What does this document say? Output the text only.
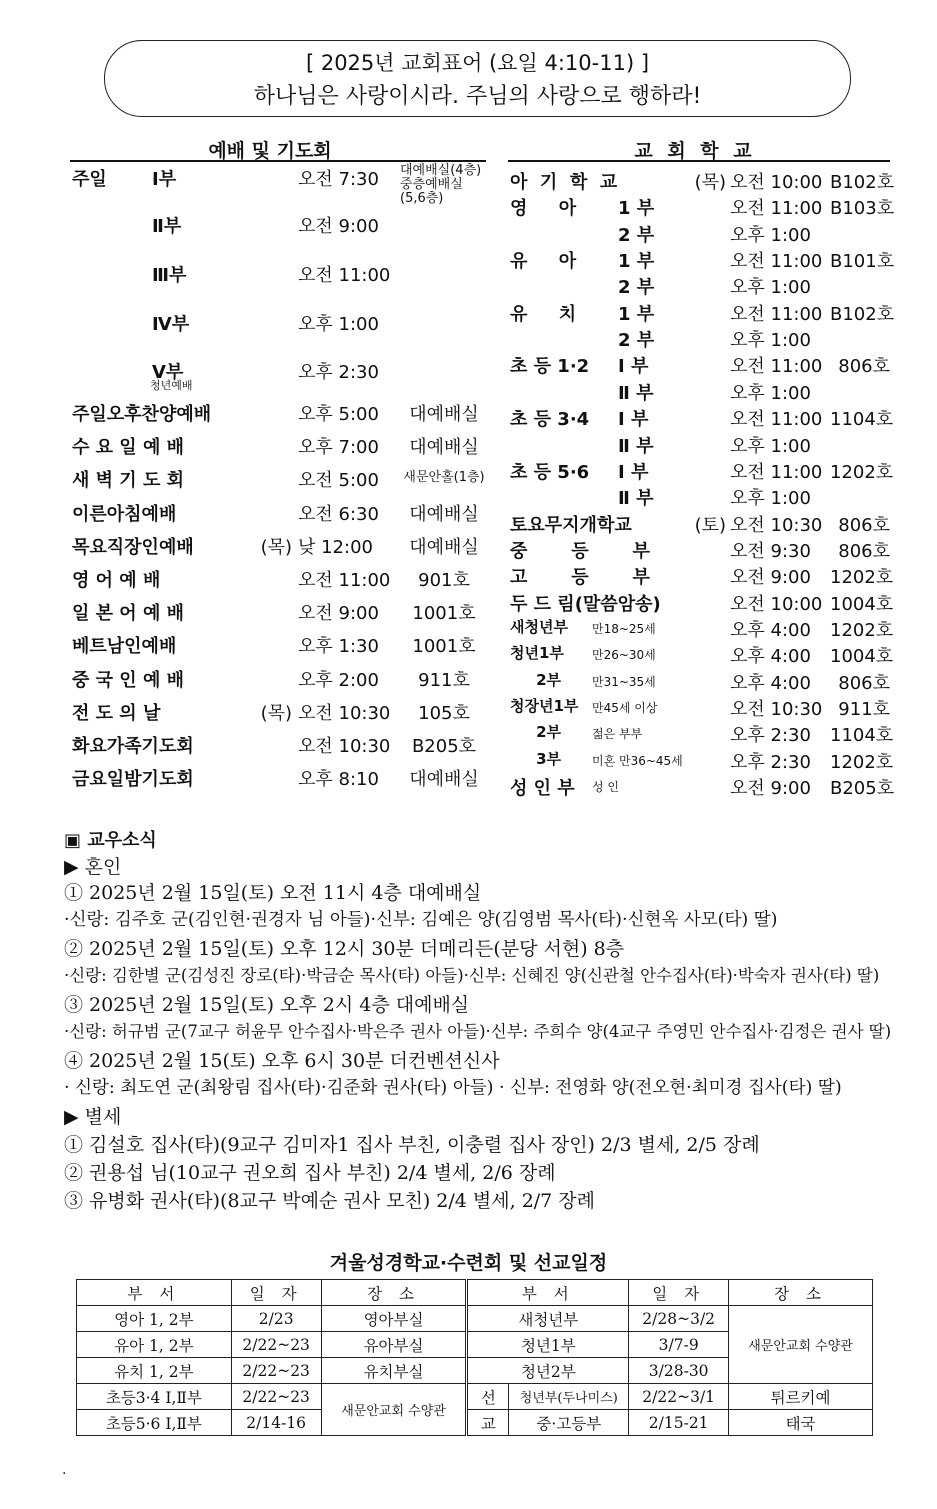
[ 2025년 교회표어 (요일 4:10-11) ]
하나님은 사랑이시라. 주님의 사랑으로 행하라!
예배 및 기도회
주일	Ⅰ부	오전 7:30
Ⅱ부	오전 9:00
Ⅲ부	오전 11:00
Ⅳ부	오후 1:00
Ⅴ부	오후 2:30
청년예배
대예배실(4층)
중층예배실
(5,6층)
주일오후찬양예배	오후 5:00	대예배실
수 요 일 예 배	오후 7:00	대예배실
새 벽 기 도 회	오전 5:00	새문안홀(1층)
이른아침예배	오전 6:30	대예배실
목요직장인예배	(목) 낮 12:00	대예배실
영 어 예 배	오전 11:00	901호
일 본 어 예 배	오전 9:00	1001호
베트남인예배	오후 1:30	1001호
중 국 인 예 배	오후 2:00	911호
전 도 의 날	(목) 오전 10:30	105호
화요가족기도회	오전 10:30	B205호
금요일밤기도회	오후 8:10	대예배실
교 회 학 교
아  기  학  교	(목) 오전 10:00 B102호
영     아 1 부	오전 11:00 B103호
2 부	오후 1:00
유     아 1 부	오전 11:00 B101호
2 부	오후 1:00
유     치 1 부	오전 11:00 B102호
2 부	오후 1:00
초 등 1·2 Ⅰ 부	오전 11:00 806호
Ⅱ 부	오후 1:00
초 등 3·4 Ⅰ 부	오전 11:00 1104호
Ⅱ 부	오후 1:00
초 등 5·6 Ⅰ 부	오전 11:00 1202호
Ⅱ 부	오후 1:00
토요무지개학교	(토) 오전 10:30 806호
중       등       부	오전 9:30	806호
고       등       부	오전 9:00	1202호
두 드 림(말씀암송)	오전 10:00 1004호
새청년부 만18~25세	오후 4:00	1202호
청년1부 만26~30세	오후 4:00	1004호
2부	만31~35세	오후 4:00	806호
청장년1부 만45세 이상	오전 10:30 911호
2부	젊은 부부	오후 2:30	1104호
3부	미혼 만36~45세	오후 2:30	1202호
성 인 부 성 인	오전 9:00	B205호
▣ 교우소식
▶ 혼인
① 2025년 2월 15일(토) 오전 11시 4층 대예배실
·신랑: 김주호 군(김인현·권경자 님 아들)·신부: 김예은 양(김영범 목사(타)·신현옥 사모(타) 딸)
② 2025년 2월 15일(토) 오후 12시 30분 더메리든(분당 서현) 8층
·신랑: 김한별 군(김성진 장로(타)·박금순 목사(타) 아들)·신부: 신혜진 양(신관철 안수집사(타)·박숙자 권사(타) 딸)
③ 2025년 2월 15일(토) 오후 2시 4층 대예배실
·신랑: 허규범 군(7교구 허윤무 안수집사·박은주 권사 아들)·신부: 주희수 양(4교구 주영민 안수집사·김정은 권사 딸)
④ 2025년 2월 15(토) 오후 6시 30분 더컨벤션신사
· 신랑: 최도연 군(최왕림 집사(타)·김준화 권사(타) 아들) · 신부: 전영화 양(전오현·최미경 집사(타) 딸)
▶ 별세
① 김설호 집사(타)(9교구 김미자1 집사 부친, 이충렬 집사 장인) 2/3 별세, 2/5 장례
② 권용섭 님(10교구 권오희 집사 부친) 2/4 별세, 2/6 장례
③ 유병화 권사(타)(8교구 박예순 권사 모친) 2/4 별세, 2/7 장례
겨울성경학교·수련회 및 선교일정
부 서	일 자	장 소	부 서		일 자	장 소
영아 1, 2부	2/23	영아부실	새청년부		2/28~3/2	새문안교회 수양관
유아 1, 2부	2/22~23	유아부실	청년1부		3/7-9	
유치 1, 2부	2/22~23	유치부실	청년2부		3/28-30	
초등3·4 Ⅰ,Ⅱ부	2/22~23	새문안교회 수양관	선	청년부(두나미스)	2/22~3/1	튀르키예
초등5·6 Ⅰ,Ⅱ부	2/14-16		교	중·고등부	2/15-21	태국
.
